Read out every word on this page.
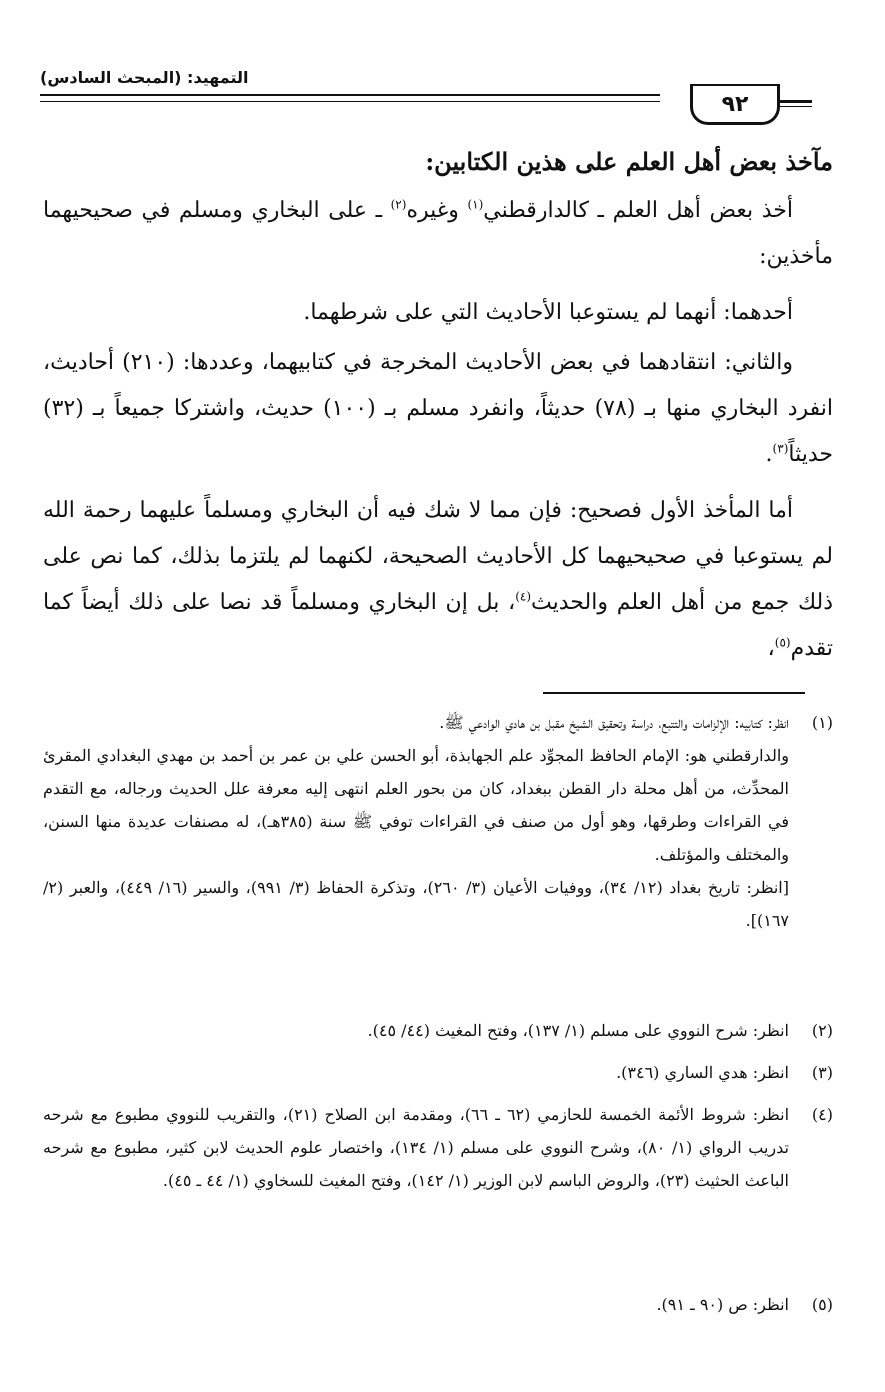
التمهيد: (المبحث السادس)
٩٢
مآخذ بعض أهل العلم على هذين الكتابين:
أخذ بعض أهل العلم ـ كالدارقطني$^{(١)}$ وغيره$^{(٢)}$ ـ على البخاري ومسلم في صحيحيهما مأخذين:
أحدهما: أنهما لم يستوعبا الأحاديث التي على شرطهما.
والثاني: انتقادهما في بعض الأحاديث المخرجة في كتابيهما، وعددها: (٢١٠) أحاديث، انفرد البخاري منها بـ (٧٨) حديثاً، وانفرد مسلم بـ (١٠٠) حديث، واشتركا جميعاً بـ (٣٢) حديثاً$^{(٣)}$.
أما المأخذ الأول فصحيح: فإن مما لا شك فيه أن البخاري ومسلماً عليهما رحمة الله لم يستوعبا في صحيحيهما كل الأحاديث الصحيحة، لكنهما لم يلتزما بذلك، كما نص على ذلك جمع من أهل العلم والحديث$^{(٤)}$، بل إن البخاري ومسلماً قد نصا على ذلك أيضاً كما تقدم$^{(٥)}$،
(١)
انظر: كتابيه: الإلزامات والتتبع، دراسة وتحقيق الشيخ مقبل بن هادي الوادعي ﷺ.
والدارقطني هو: الإمام الحافظ المجوِّد علم الجهابذة، أبو الحسن علي بن عمر بن أحمد بن مهدي البغدادي المقرئ المحدِّث، من أهل محلة دار القطن ببغداد، كان من بحور العلم انتهى إليه معرفة علل الحديث ورجاله، مع التقدم في القراءات وطرقها، وهو أول من صنف في القراءات توفي ﷺ سنة (٣٨٥هـ)، له مصنفات عديدة منها السنن، والمختلف والمؤتلف.
[انظر: تاريخ بغداد (١٢/ ٣٤)، ووفيات الأعيان (٣/ ٢٦٠)، وتذكرة الحفاظ (٣/ ٩٩١)، والسير (١٦/ ٤٤٩)، والعبر (٢/ ١٦٧)].
(٢)
انظر: شرح النووي على مسلم (١/ ١٣٧)، وفتح المغيث (٤٤/ ٤٥).
(٣)
انظر: هدي الساري (٣٤٦).
(٤)
انظر: شروط الأئمة الخمسة للحازمي (٦٢ ـ ٦٦)، ومقدمة ابن الصلاح (٢١)، والتقريب للنووي مطبوع مع شرحه تدريب الرواي (١/ ٨٠)، وشرح النووي على مسلم (١/ ١٣٤)، واختصار علوم الحديث لابن كثير، مطبوع مع شرحه الباعث الحثيث (٢٣)، والروض الباسم لابن الوزير (١/ ١٤٢)، وفتح المغيث للسخاوي (١/ ٤٤ ـ ٤٥).
(٥)
انظر: ص (٩٠ ـ ٩١).
